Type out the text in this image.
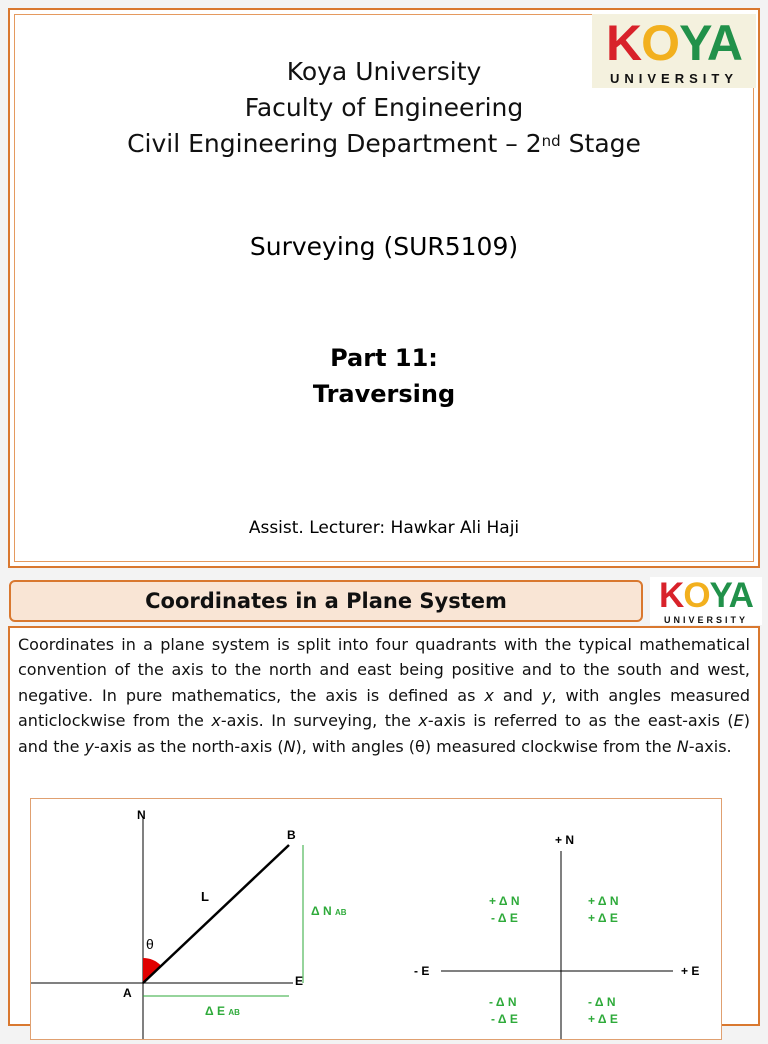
Koya University
Faculty of Engineering
Civil Engineering Department – 2nd Stage
Surveying (SUR5109)
Part 11:
Traversing
Assist. Lecturer: Hawkar Ali Haji
KOYA
UNIVERSITY
Coordinates in a Plane System	KOYA
UNIVERSITY
Coordinates in a plane system is split into four quadrants with the typical mathematical convention of the axis to the north and east being positive and to the south and west, negative. In pure mathematics, the axis is defined as x and y, with angles measured anticlockwise from the x-axis. In surveying, the x-axis is referred to as the east-axis (E) and the y-axis as the north-axis (N), with angles (θ) measured clockwise from the N-axis.
N
E
A
B
L
θ
Δ N AB
Δ E AB
+ N
- E	+ E
+ Δ N
- Δ E
+ Δ N
+ Δ E
- Δ N
- Δ E
- Δ N
+ Δ E
